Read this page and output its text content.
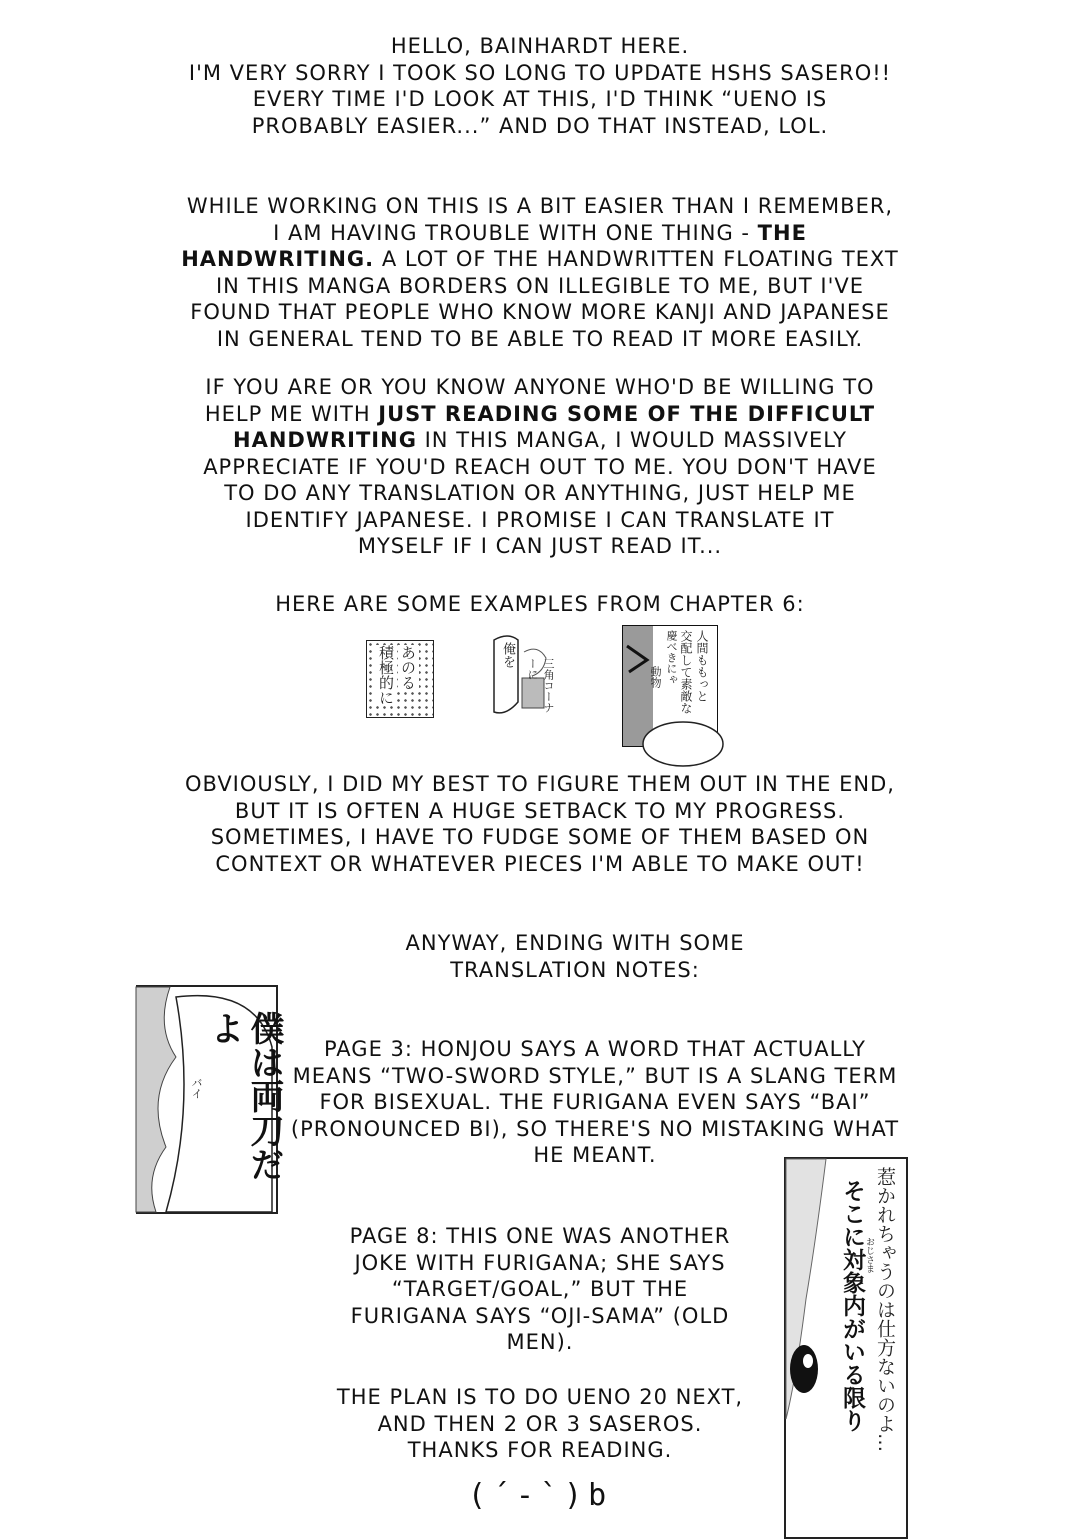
HELLO, BAINHARDT HERE.
I'M VERY SORRY I TOOK SO LONG TO UPDATE HSHS SASERO!!
EVERY TIME I'D LOOK AT THIS, I'D THINK “UENO IS
PROBABLY EASIER...” AND DO THAT INSTEAD, LOL.

WHILE WORKING ON THIS IS A BIT EASIER THAN I REMEMBER, I AM HAVING TROUBLE WITH ONE THING - THE HANDWRITING. A LOT OF THE HANDWRITTEN FLOATING TEXT IN THIS MANGA BORDERS ON ILLEGIBLE TO ME, BUT I'VE FOUND THAT PEOPLE WHO KNOW MORE KANJI AND JAPANESE IN GENERAL TEND TO BE ABLE TO READ IT MORE EASILY.

IF YOU ARE OR YOU KNOW ANYONE WHO'D BE WILLING TO HELP ME WITH JUST READING SOME OF THE DIFFICULT HANDWRITING IN THIS MANGA, I WOULD MASSIVELY APPRECIATE IF YOU'D REACH OUT TO ME. YOU DON'T HAVE TO DO ANY TRANSLATION OR ANYTHING, JUST HELP ME IDENTIFY JAPANESE. I PROMISE I CAN TRANSLATE IT MYSELF IF I CAN JUST READ IT...

HERE ARE SOME EXAMPLES FROM CHAPTER 6:

あのる
積極的に	俺を
三角コーナーに	人間ももっと
交配して素敵な
慶べきにゃ
動物

OBVIOUSLY, I DID MY BEST TO FIGURE THEM OUT IN THE END, BUT IT IS OFTEN A HUGE SETBACK TO MY PROGRESS. SOMETIMES, I HAVE TO FUDGE SOME OF THEM BASED ON CONTEXT OR WHATEVER PIECES I'M ABLE TO MAKE OUT!

ANYWAY, ENDING WITH SOME TRANSLATION NOTES:

僕は両刀だよ
バイ

PAGE 3: HONJOU SAYS A WORD THAT ACTUALLY MEANS “TWO-SWORD STYLE,” BUT IS A SLANG TERM FOR BISEXUAL. THE FURIGANA EVEN SAYS “BAI” (PRONOUNCED BI), SO THERE'S NO MISTAKING WHAT HE MEANT.

惹かれちゃうのは仕方ないのよ…
そこに対象内がいる限り おじさま

PAGE 8: THIS ONE WAS ANOTHER JOKE WITH FURIGANA; SHE SAYS “TARGET/GOAL,” BUT THE FURIGANA SAYS “OJI-SAMA” (OLD MEN).

THE PLAN IS TO DO UENO 20 NEXT, AND THEN 2 OR 3 SASEROS. THANKS FOR READING.

(´-`)b
